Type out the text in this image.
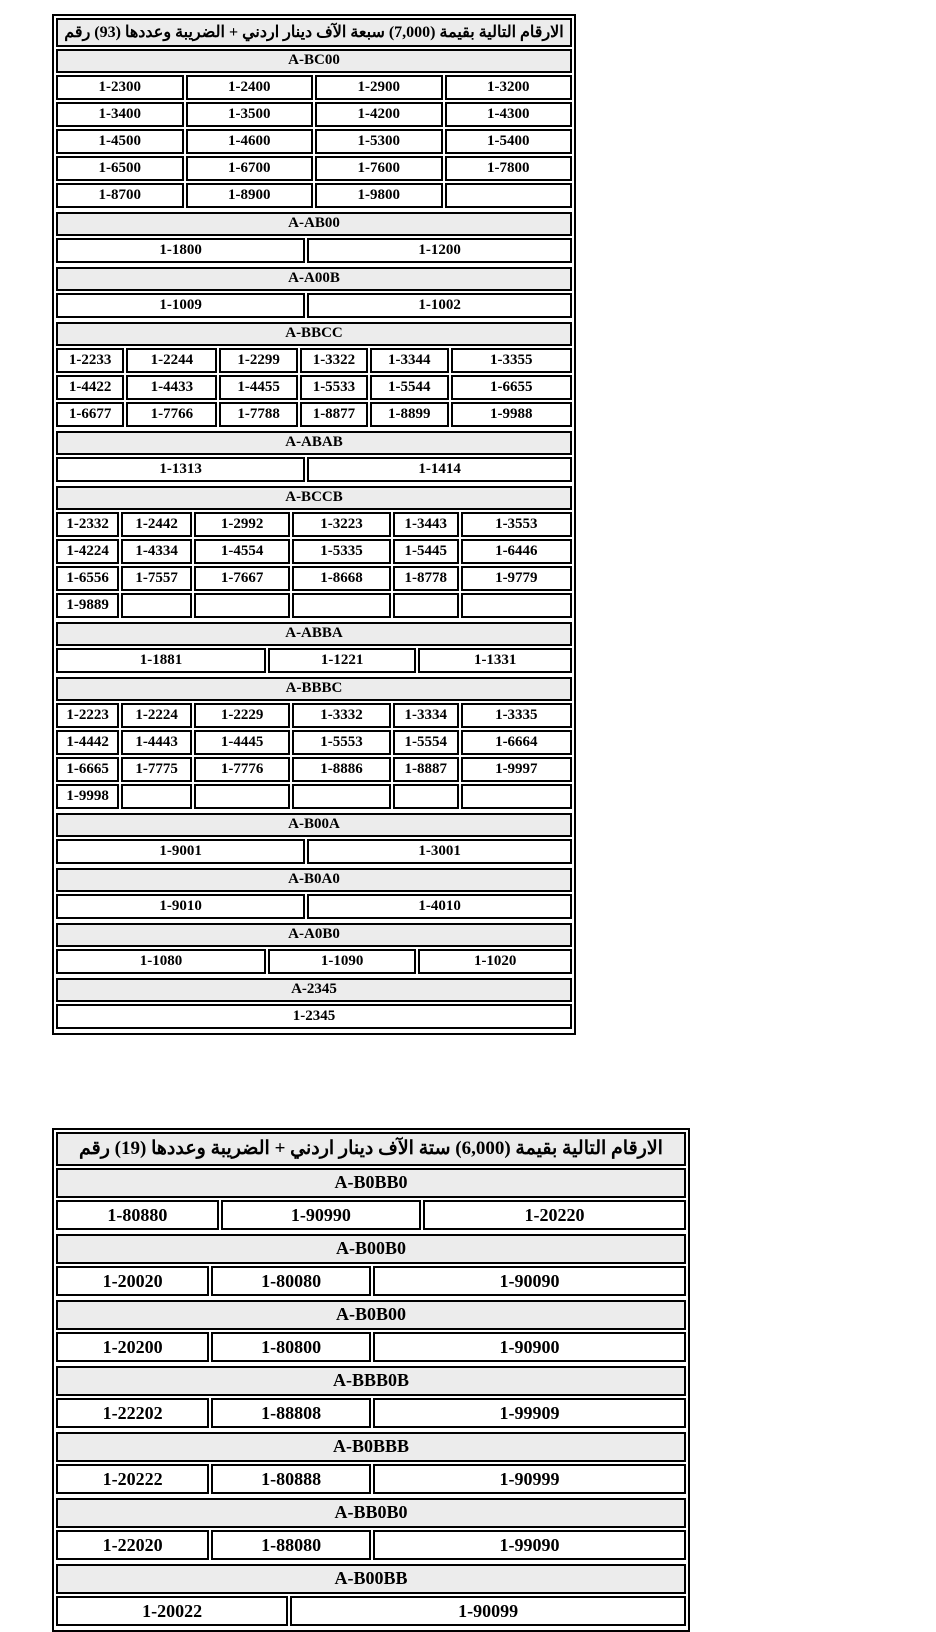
الارقام التالية بقيمة (7,000) سبعة الآف دينار اردني + الضريبة وعددها (93) رقم
A-BC00
1-2300	1-2400	1-2900	1-3200
1-3400	1-3500	1-4200	1-4300
1-4500	1-4600	1-5300	1-5400
1-6500	1-6700	1-7600	1-7800
1-8700	1-8900	1-9800	
A-AB00
1-1800	1-1200
A-A00B
1-1009	1-1002
A-BBCC
1-2233	1-2244	1-2299	1-3322	1-3344	1-3355
1-4422	1-4433	1-4455	1-5533	1-5544	1-6655
1-6677	1-7766	1-7788	1-8877	1-8899	1-9988
A-ABAB
1-1313	1-1414
A-BCCB
1-2332	1-2442	1-2992	1-3223	1-3443	1-3553
1-4224	1-4334	1-4554	1-5335	1-5445	1-6446
1-6556	1-7557	1-7667	1-8668	1-8778	1-9779
1-9889					
A-ABBA
1-1881	1-1221	1-1331
A-BBBC
1-2223	1-2224	1-2229	1-3332	1-3334	1-3335
1-4442	1-4443	1-4445	1-5553	1-5554	1-6664
1-6665	1-7775	1-7776	1-8886	1-8887	1-9997
1-9998					
A-B00A
1-9001	1-3001
A-B0A0
1-9010	1-4010
A-A0B0
1-1080	1-1090	1-1020
A-2345
1-2345
الارقام التالية بقيمة (6,000) ستة الآف دينار اردني + الضريبة وعددها (19) رقم
A-B0BB0
1-80880	1-90990	1-20220
A-B00B0
1-20020	1-80080	1-90090
A-B0B00
1-20200	1-80800	1-90900
A-BBB0B
1-22202	1-88808	1-99909
A-B0BBB
1-20222	1-80888	1-90999
A-BB0B0
1-22020	1-88080	1-99090
A-B00BB
1-20022	1-90099
